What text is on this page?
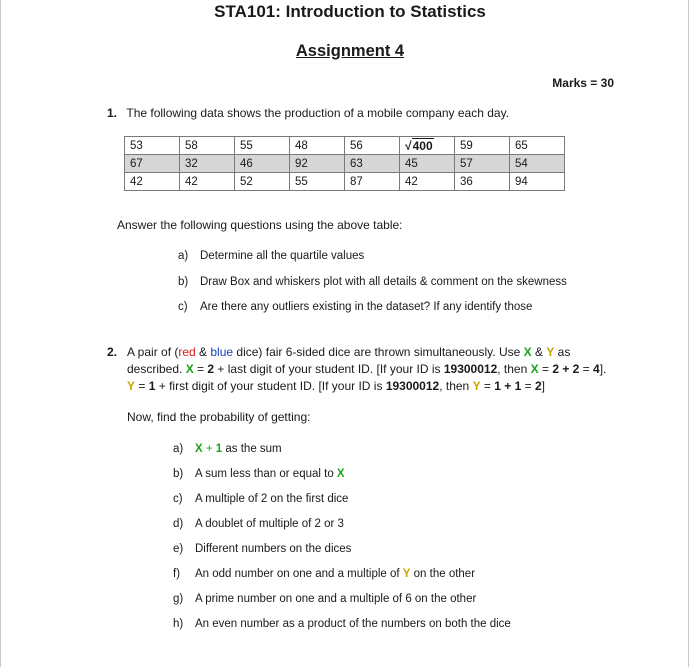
STA101: Introduction to Statistics
Assignment 4
Marks = 30
1. The following data shows the production of a mobile company each day.
53	58	55	48	56	√400	59	65
67	32	46	92	63	45	57	54
42	42	52	55	87	42	36	94
Answer the following questions using the above table:
a) Determine all the quartile values
b) Draw Box and whiskers plot with all details & comment on the skewness
c) Are there any outliers existing in the dataset? If any identify those
2. A pair of (red & blue dice) fair 6-sided dice are thrown simultaneously. Use X & Y as
described. X = 2 + last digit of your student ID. [If your ID is 19300012, then X = 2 + 2 = 4].
Y = 1 + first digit of your student ID. [If your ID is 19300012, then Y = 1 + 1 = 2]
Now, find the probability of getting:
a) X + 1 as the sum
b) A sum less than or equal to X
c) A multiple of 2 on the first dice
d) A doublet of multiple of 2 or 3
e) Different numbers on the dices
f) An odd number on one and a multiple of Y on the other
g) A prime number on one and a multiple of 6 on the other
h) An even number as a product of the numbers on both the dice
